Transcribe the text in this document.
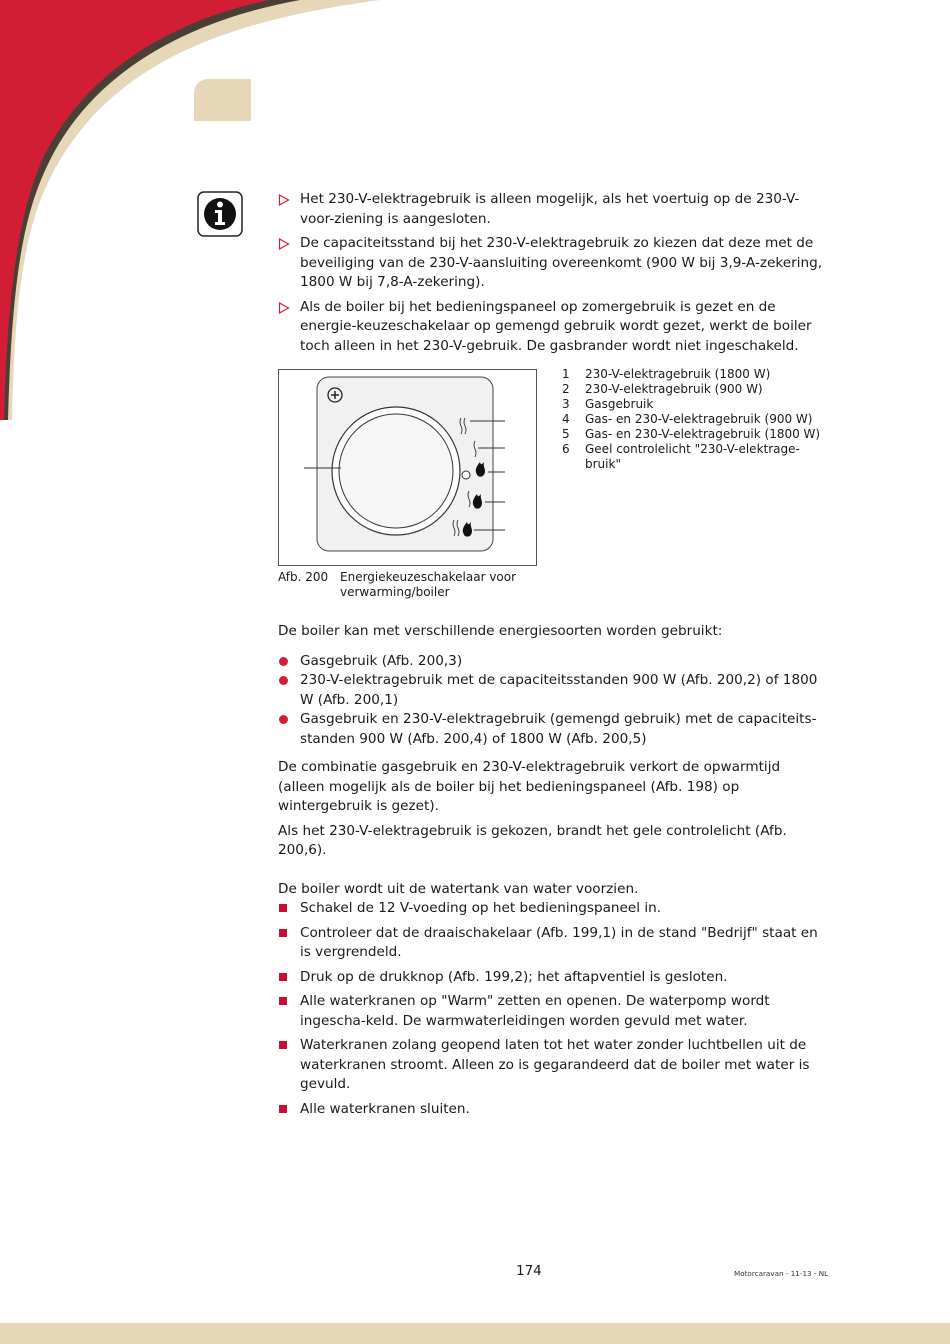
Het 230-V-elektragebruik is alleen mogelijk, als het voertuig op de 230-V-voor-ziening is aangesloten.
De capaciteitsstand bij het 230-V-elektragebruik zo kiezen dat deze met de beveiliging van de 230-V-aansluiting overeenkomt (900 W bij 3,9-A-zekering, 1800 W bij 7,8-A-zekering).
Als de boiler bij het bedieningspaneel op zomergebruik is gezet en de energie-keuzeschakelaar op gemengd gebruik wordt gezet, werkt de boiler toch alleen in het 230-V-gebruik. De gasbrander wordt niet ingeschakeld.
1	230-V-elektragebruik (1800 W)
2	230-V-elektragebruik (900 W)
3	Gasgebruik
4	Gas- en 230-V-elektragebruik (900 W)
5	Gas- en 230-V-elektragebruik (1800 W)
6	Geel controlelicht "230-V-elektrage-bruik"
Afb. 200 Energiekeuzeschakelaar voor verwarming/boiler

De boiler kan met verschillende energiesoorten worden gebruikt:

Gasgebruik (Afb. 200,3)
230-V-elektragebruik met de capaciteitsstanden 900 W (Afb. 200,2) of 1800 W (Afb. 200,1)
Gasgebruik en 230-V-elektragebruik (gemengd gebruik) met de capaciteits-standen 900 W (Afb. 200,4) of 1800 W (Afb. 200,5)

De combinatie gasgebruik en 230-V-elektragebruik verkort de opwarmtijd (alleen mogelijk als de boiler bij het bedieningspaneel (Afb. 198) op wintergebruik is gezet).

Als het 230-V-elektragebruik is gekozen, brandt het gele controlelicht (Afb. 200,6).

De boiler wordt uit de watertank van water voorzien.

Schakel de 12 V-voeding op het bedieningspaneel in.
Controleer dat de draaischakelaar (Afb. 199,1) in de stand "Bedrijf" staat en is vergrendeld.
Druk op de drukknop (Afb. 199,2); het aftapventiel is gesloten.
Alle waterkranen op "Warm" zetten en openen. De waterpomp wordt ingescha-keld. De warmwaterleidingen worden gevuld met water.
Waterkranen zolang geopend laten tot het water zonder luchtbellen uit de waterkranen stroomt. Alleen zo is gegarandeerd dat de boiler met water is gevuld.
Alle waterkranen sluiten.
174	Motorcaravan - 11-13 - NL
